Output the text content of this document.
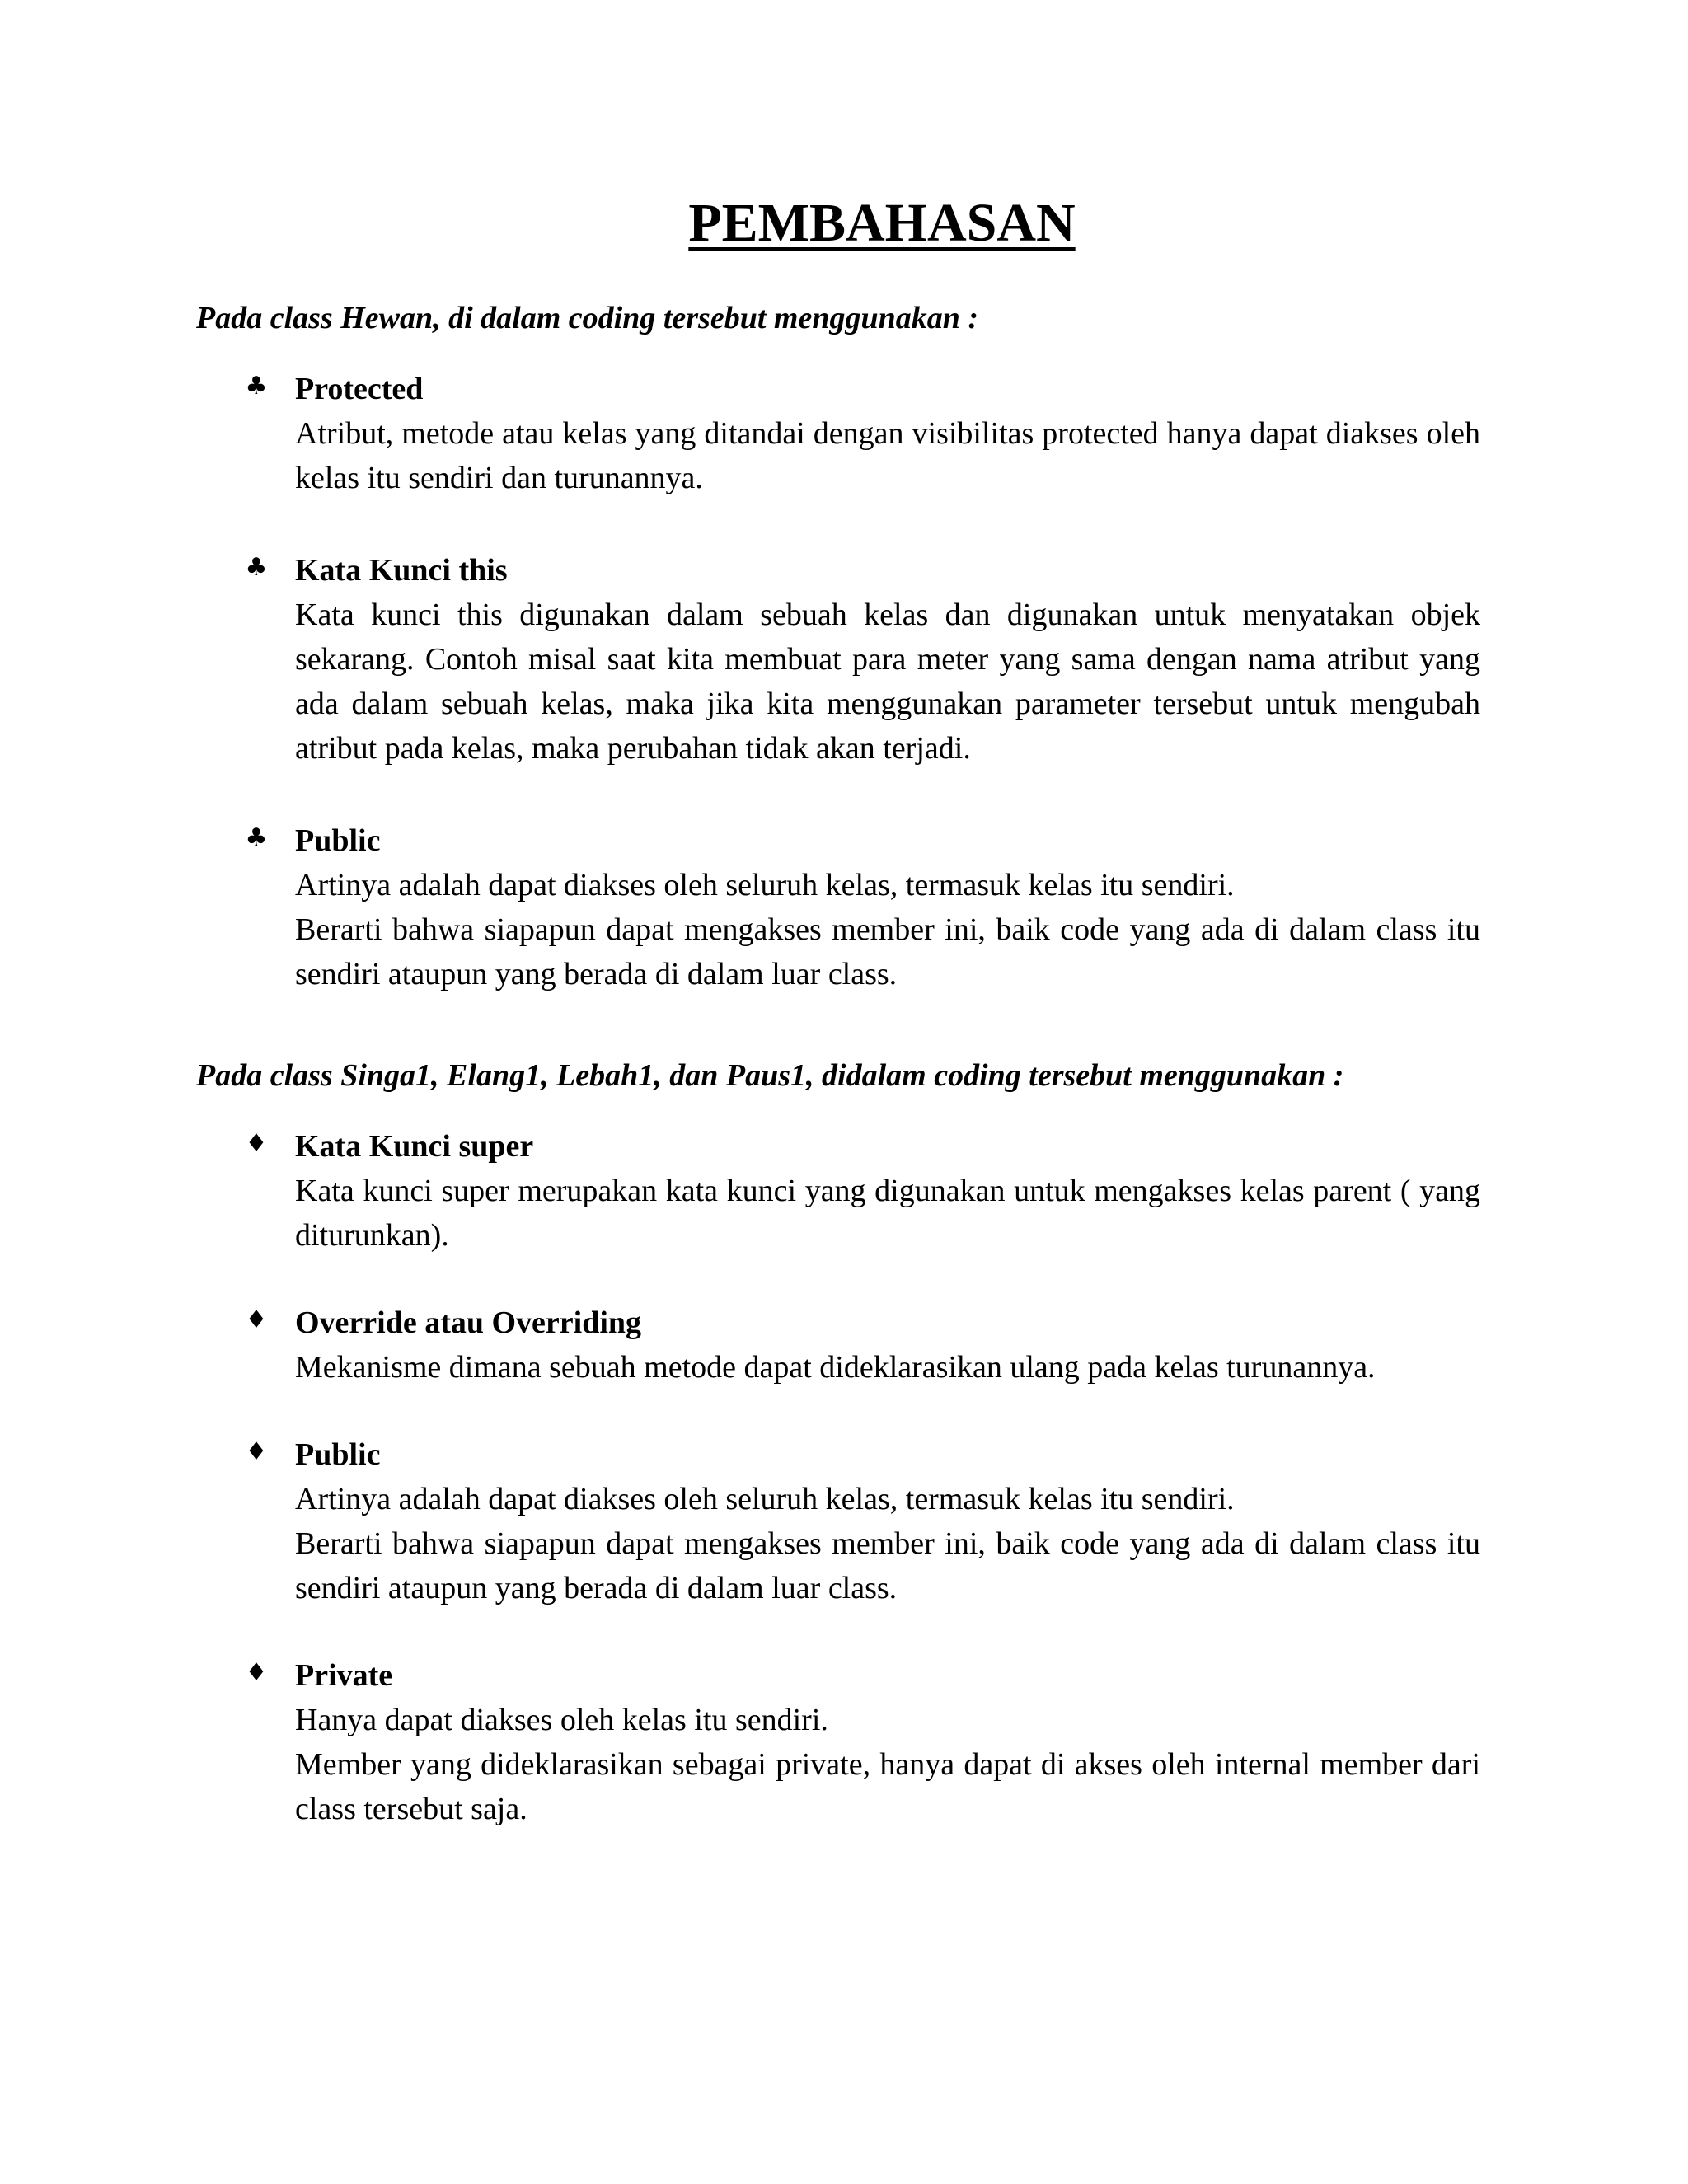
PEMBAHASAN
Pada class Hewan, di dalam coding tersebut menggunakan :
♣ Protected

Atribut, metode atau kelas yang ditandai dengan visibilitas protected hanya dapat diakses oleh kelas itu sendiri dan turunannya.

♣ Kata Kunci this

Kata kunci this digunakan dalam sebuah kelas dan digunakan untuk menyatakan objek sekarang. Contoh misal saat kita membuat para meter yang sama dengan nama atribut yang ada dalam sebuah kelas, maka jika kita menggunakan parameter tersebut untuk mengubah atribut pada kelas, maka perubahan tidak akan terjadi.

♣ Public

Artinya adalah dapat diakses oleh seluruh kelas, termasuk kelas itu sendiri.

Berarti bahwa siapapun dapat mengakses member ini, baik code yang ada di dalam class itu sendiri ataupun yang berada di dalam luar class.

Pada class Singa1, Elang1, Lebah1, dan Paus1, didalam coding tersebut menggunakan :
♦ Kata Kunci super

Kata kunci super merupakan kata kunci yang digunakan untuk mengakses kelas parent ( yang diturunkan).

♦ Override atau Overriding

Mekanisme dimana sebuah metode dapat dideklarasikan ulang pada kelas turunannya.

♦ Public

Artinya adalah dapat diakses oleh seluruh kelas, termasuk kelas itu sendiri.

Berarti bahwa siapapun dapat mengakses member ini, baik code yang ada di dalam class itu sendiri ataupun yang berada di dalam luar class.

♦ Private

Hanya dapat diakses oleh kelas itu sendiri.

Member yang dideklarasikan sebagai private, hanya dapat di akses oleh internal member dari class tersebut saja.
